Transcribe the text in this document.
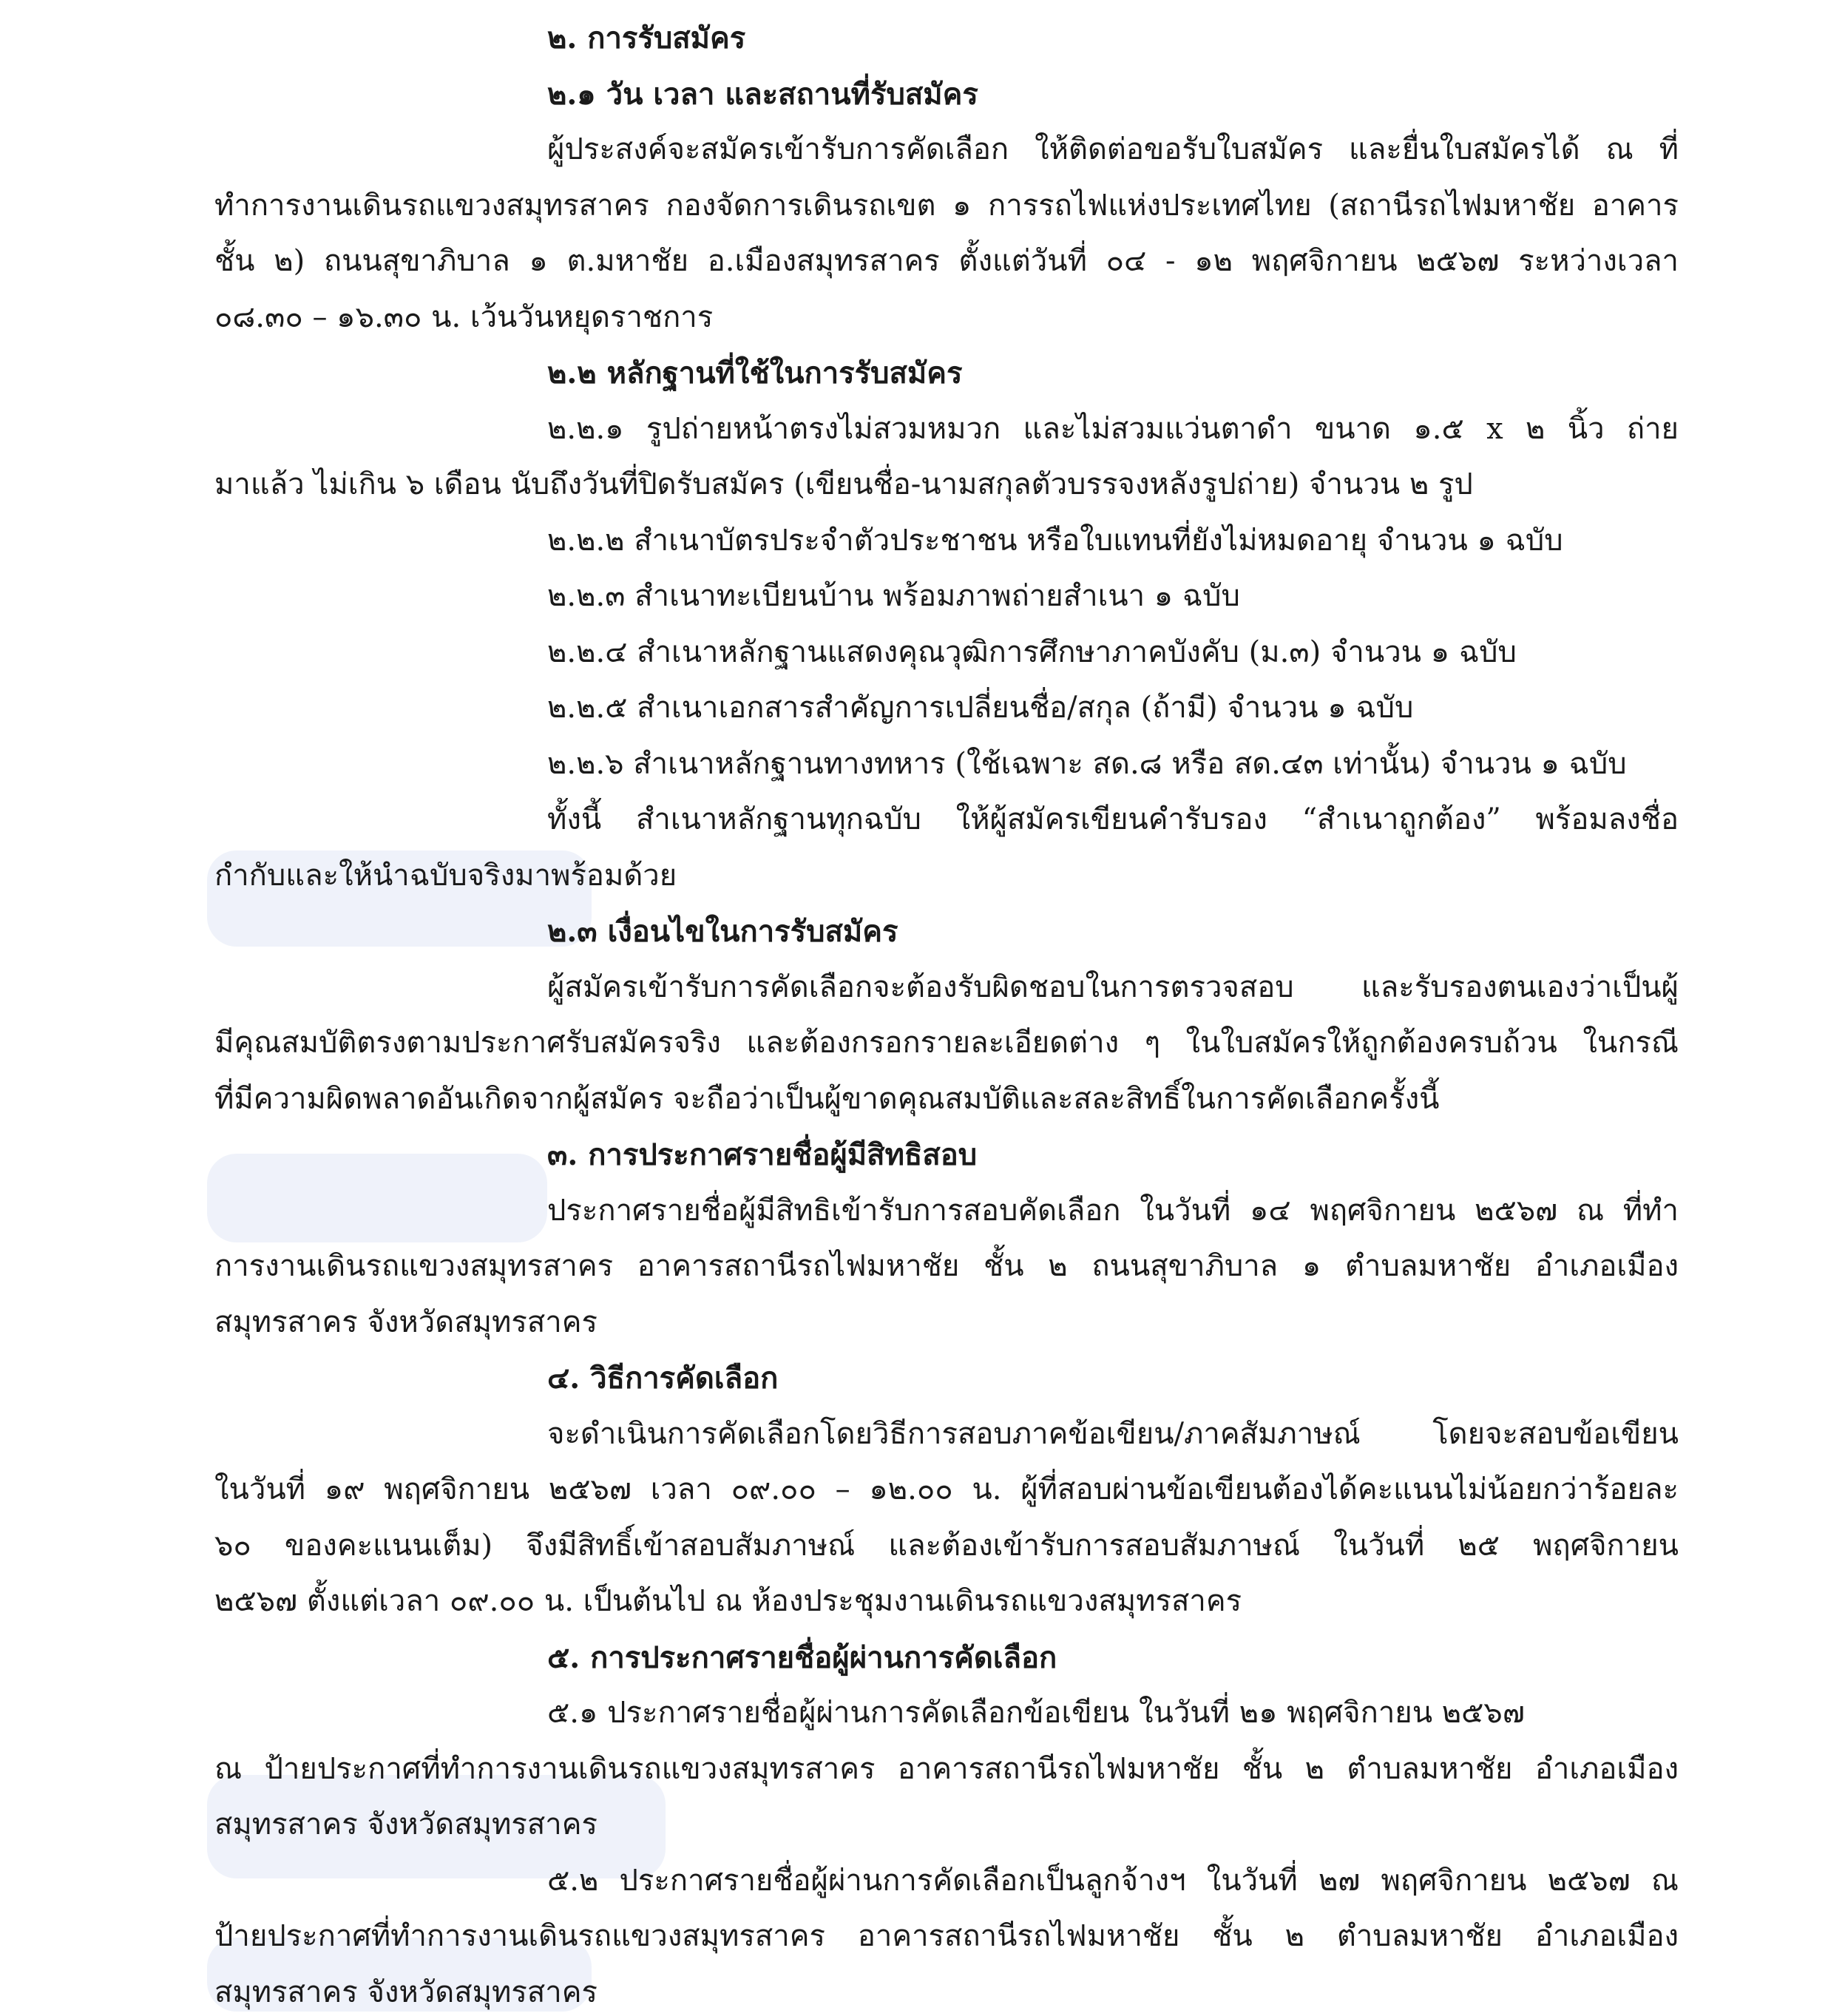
๒. การรับสมัคร
๒.๑ วัน เวลา และสถานที่รับสมัคร
ผู้ประสงค์จะสมัครเข้ารับการคัดเลือก ให้ติดต่อขอรับใบสมัคร และยื่นใบสมัครได้ ณ ที่
ทำการงานเดินรถแขวงสมุทรสาคร กองจัดการเดินรถเขต ๑ การรถไฟแห่งประเทศไทย (สถานีรถไฟมหาชัย อาคาร
ชั้น ๒) ถนนสุขาภิบาล ๑ ต.มหาชัย อ.เมืองสมุทรสาคร ตั้งแต่วันที่ ๐๔ - ๑๒ พฤศจิกายน ๒๕๖๗ ระหว่างเวลา
๐๘.๓๐ – ๑๖.๓๐ น. เว้นวันหยุดราชการ
๒.๒ หลักฐานที่ใช้ในการรับสมัคร
๒.๒.๑ รูปถ่ายหน้าตรงไม่สวมหมวก และไม่สวมแว่นตาดำ ขนาด ๑.๕ x ๒ นิ้ว ถ่าย
มาแล้ว ไม่เกิน ๖ เดือน นับถึงวันที่ปิดรับสมัคร (เขียนชื่อ-นามสกุลตัวบรรจงหลังรูปถ่าย) จำนวน ๒ รูป
๒.๒.๒ สำเนาบัตรประจำตัวประชาชน หรือใบแทนที่ยังไม่หมดอายุ จำนวน ๑ ฉบับ
๒.๒.๓ สำเนาทะเบียนบ้าน พร้อมภาพถ่ายสำเนา ๑ ฉบับ
๒.๒.๔ สำเนาหลักฐานแสดงคุณวุฒิการศึกษาภาคบังคับ (ม.๓) จำนวน ๑ ฉบับ
๒.๒.๕ สำเนาเอกสารสำคัญการเปลี่ยนชื่อ/สกุล (ถ้ามี) จำนวน ๑ ฉบับ
๒.๒.๖ สำเนาหลักฐานทางทหาร (ใช้เฉพาะ สด.๘ หรือ สด.๔๓ เท่านั้น) จำนวน ๑ ฉบับ
ทั้งนี้ สำเนาหลักฐานทุกฉบับ ให้ผู้สมัครเขียนคำรับรอง “สำเนาถูกต้อง” พร้อมลงชื่อ
กำกับและให้นำฉบับจริงมาพร้อมด้วย
๒.๓ เงื่อนไขในการรับสมัคร
ผู้สมัครเข้ารับการคัดเลือกจะต้องรับผิดชอบในการตรวจสอบ และรับรองตนเองว่าเป็นผู้
มีคุณสมบัติตรงตามประกาศรับสมัครจริง และต้องกรอกรายละเอียดต่าง ๆ ในใบสมัครให้ถูกต้องครบถ้วน ในกรณี
ที่มีความผิดพลาดอันเกิดจากผู้สมัคร จะถือว่าเป็นผู้ขาดคุณสมบัติและสละสิทธิ์ในการคัดเลือกครั้งนี้
๓. การประกาศรายชื่อผู้มีสิทธิสอบ
ประกาศรายชื่อผู้มีสิทธิเข้ารับการสอบคัดเลือก ในวันที่ ๑๔ พฤศจิกายน ๒๕๖๗ ณ ที่ทำ
การงานเดินรถแขวงสมุทรสาคร อาคารสถานีรถไฟมหาชัย ชั้น ๒ ถนนสุขาภิบาล ๑ ตำบลมหาชัย อำเภอเมือง
สมุทรสาคร จังหวัดสมุทรสาคร
๔. วิธีการคัดเลือก
จะดำเนินการคัดเลือกโดยวิธีการสอบภาคข้อเขียน/ภาคสัมภาษณ์ โดยจะสอบข้อเขียน
ในวันที่ ๑๙ พฤศจิกายน ๒๕๖๗ เวลา ๐๙.๐๐ – ๑๒.๐๐ น. ผู้ที่สอบผ่านข้อเขียนต้องได้คะแนนไม่น้อยกว่าร้อยละ
๖๐ ของคะแนนเต็ม) จึงมีสิทธิ์เข้าสอบสัมภาษณ์ และต้องเข้ารับการสอบสัมภาษณ์ ในวันที่ ๒๕ พฤศจิกายน
๒๕๖๗ ตั้งแต่เวลา ๐๙.๐๐ น. เป็นต้นไป ณ ห้องประชุมงานเดินรถแขวงสมุทรสาคร
๕. การประกาศรายชื่อผู้ผ่านการคัดเลือก
๕.๑ ประกาศรายชื่อผู้ผ่านการคัดเลือกข้อเขียน ในวันที่ ๒๑ พฤศจิกายน ๒๕๖๗
ณ ป้ายประกาศที่ทำการงานเดินรถแขวงสมุทรสาคร อาคารสถานีรถไฟมหาชัย ชั้น ๒ ตำบลมหาชัย อำเภอเมือง
สมุทรสาคร จังหวัดสมุทรสาคร
๕.๒ ประกาศรายชื่อผู้ผ่านการคัดเลือกเป็นลูกจ้างฯ ในวันที่ ๒๗ พฤศจิกายน ๒๕๖๗ ณ
ป้ายประกาศที่ทำการงานเดินรถแขวงสมุทรสาคร อาคารสถานีรถไฟมหาชัย ชั้น ๒ ตำบลมหาชัย อำเภอเมือง
สมุทรสาคร จังหวัดสมุทรสาคร
